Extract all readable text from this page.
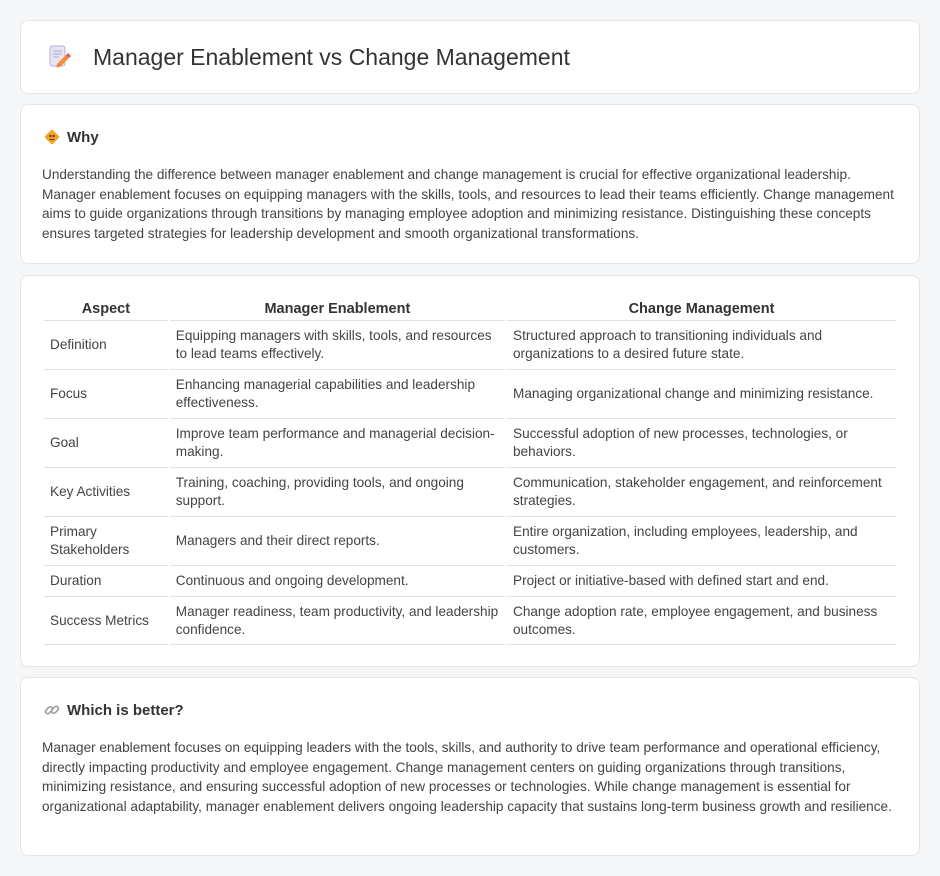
Manager Enablement vs Change Management
Why

Understanding the difference between manager enablement and change management is crucial for effective organizational leadership. Manager enablement focuses on equipping managers with the skills, tools, and resources to lead their teams efficiently. Change management aims to guide organizations through transitions by managing employee adoption and minimizing resistance. Distinguishing these concepts ensures targeted strategies for leadership development and smooth organizational transformations.

Aspect	Manager Enablement	Change Management
Definition	Equipping managers with skills, tools, and resources to lead teams effectively.	Structured approach to transitioning individuals and organizations to a desired future state.
Focus	Enhancing managerial capabilities and leadership effectiveness.	Managing organizational change and minimizing resistance.
Goal	Improve team performance and managerial decision-making.	Successful adoption of new processes, technologies, or behaviors.
Key Activities	Training, coaching, providing tools, and ongoing support.	Communication, stakeholder engagement, and reinforcement strategies.
Primary Stakeholders	Managers and their direct reports.	Entire organization, including employees, leadership, and customers.
Duration	Continuous and ongoing development.	Project or initiative-based with defined start and end.
Success Metrics	Manager readiness, team productivity, and leadership confidence.	Change adoption rate, employee engagement, and business outcomes.
Which is better?

Manager enablement focuses on equipping leaders with the tools, skills, and authority to drive team performance and operational efficiency, directly impacting productivity and employee engagement. Change management centers on guiding organizations through transitions, minimizing resistance, and ensuring successful adoption of new processes or technologies. While change management is essential for organizational adaptability, manager enablement delivers ongoing leadership capacity that sustains long-term business growth and resilience.
